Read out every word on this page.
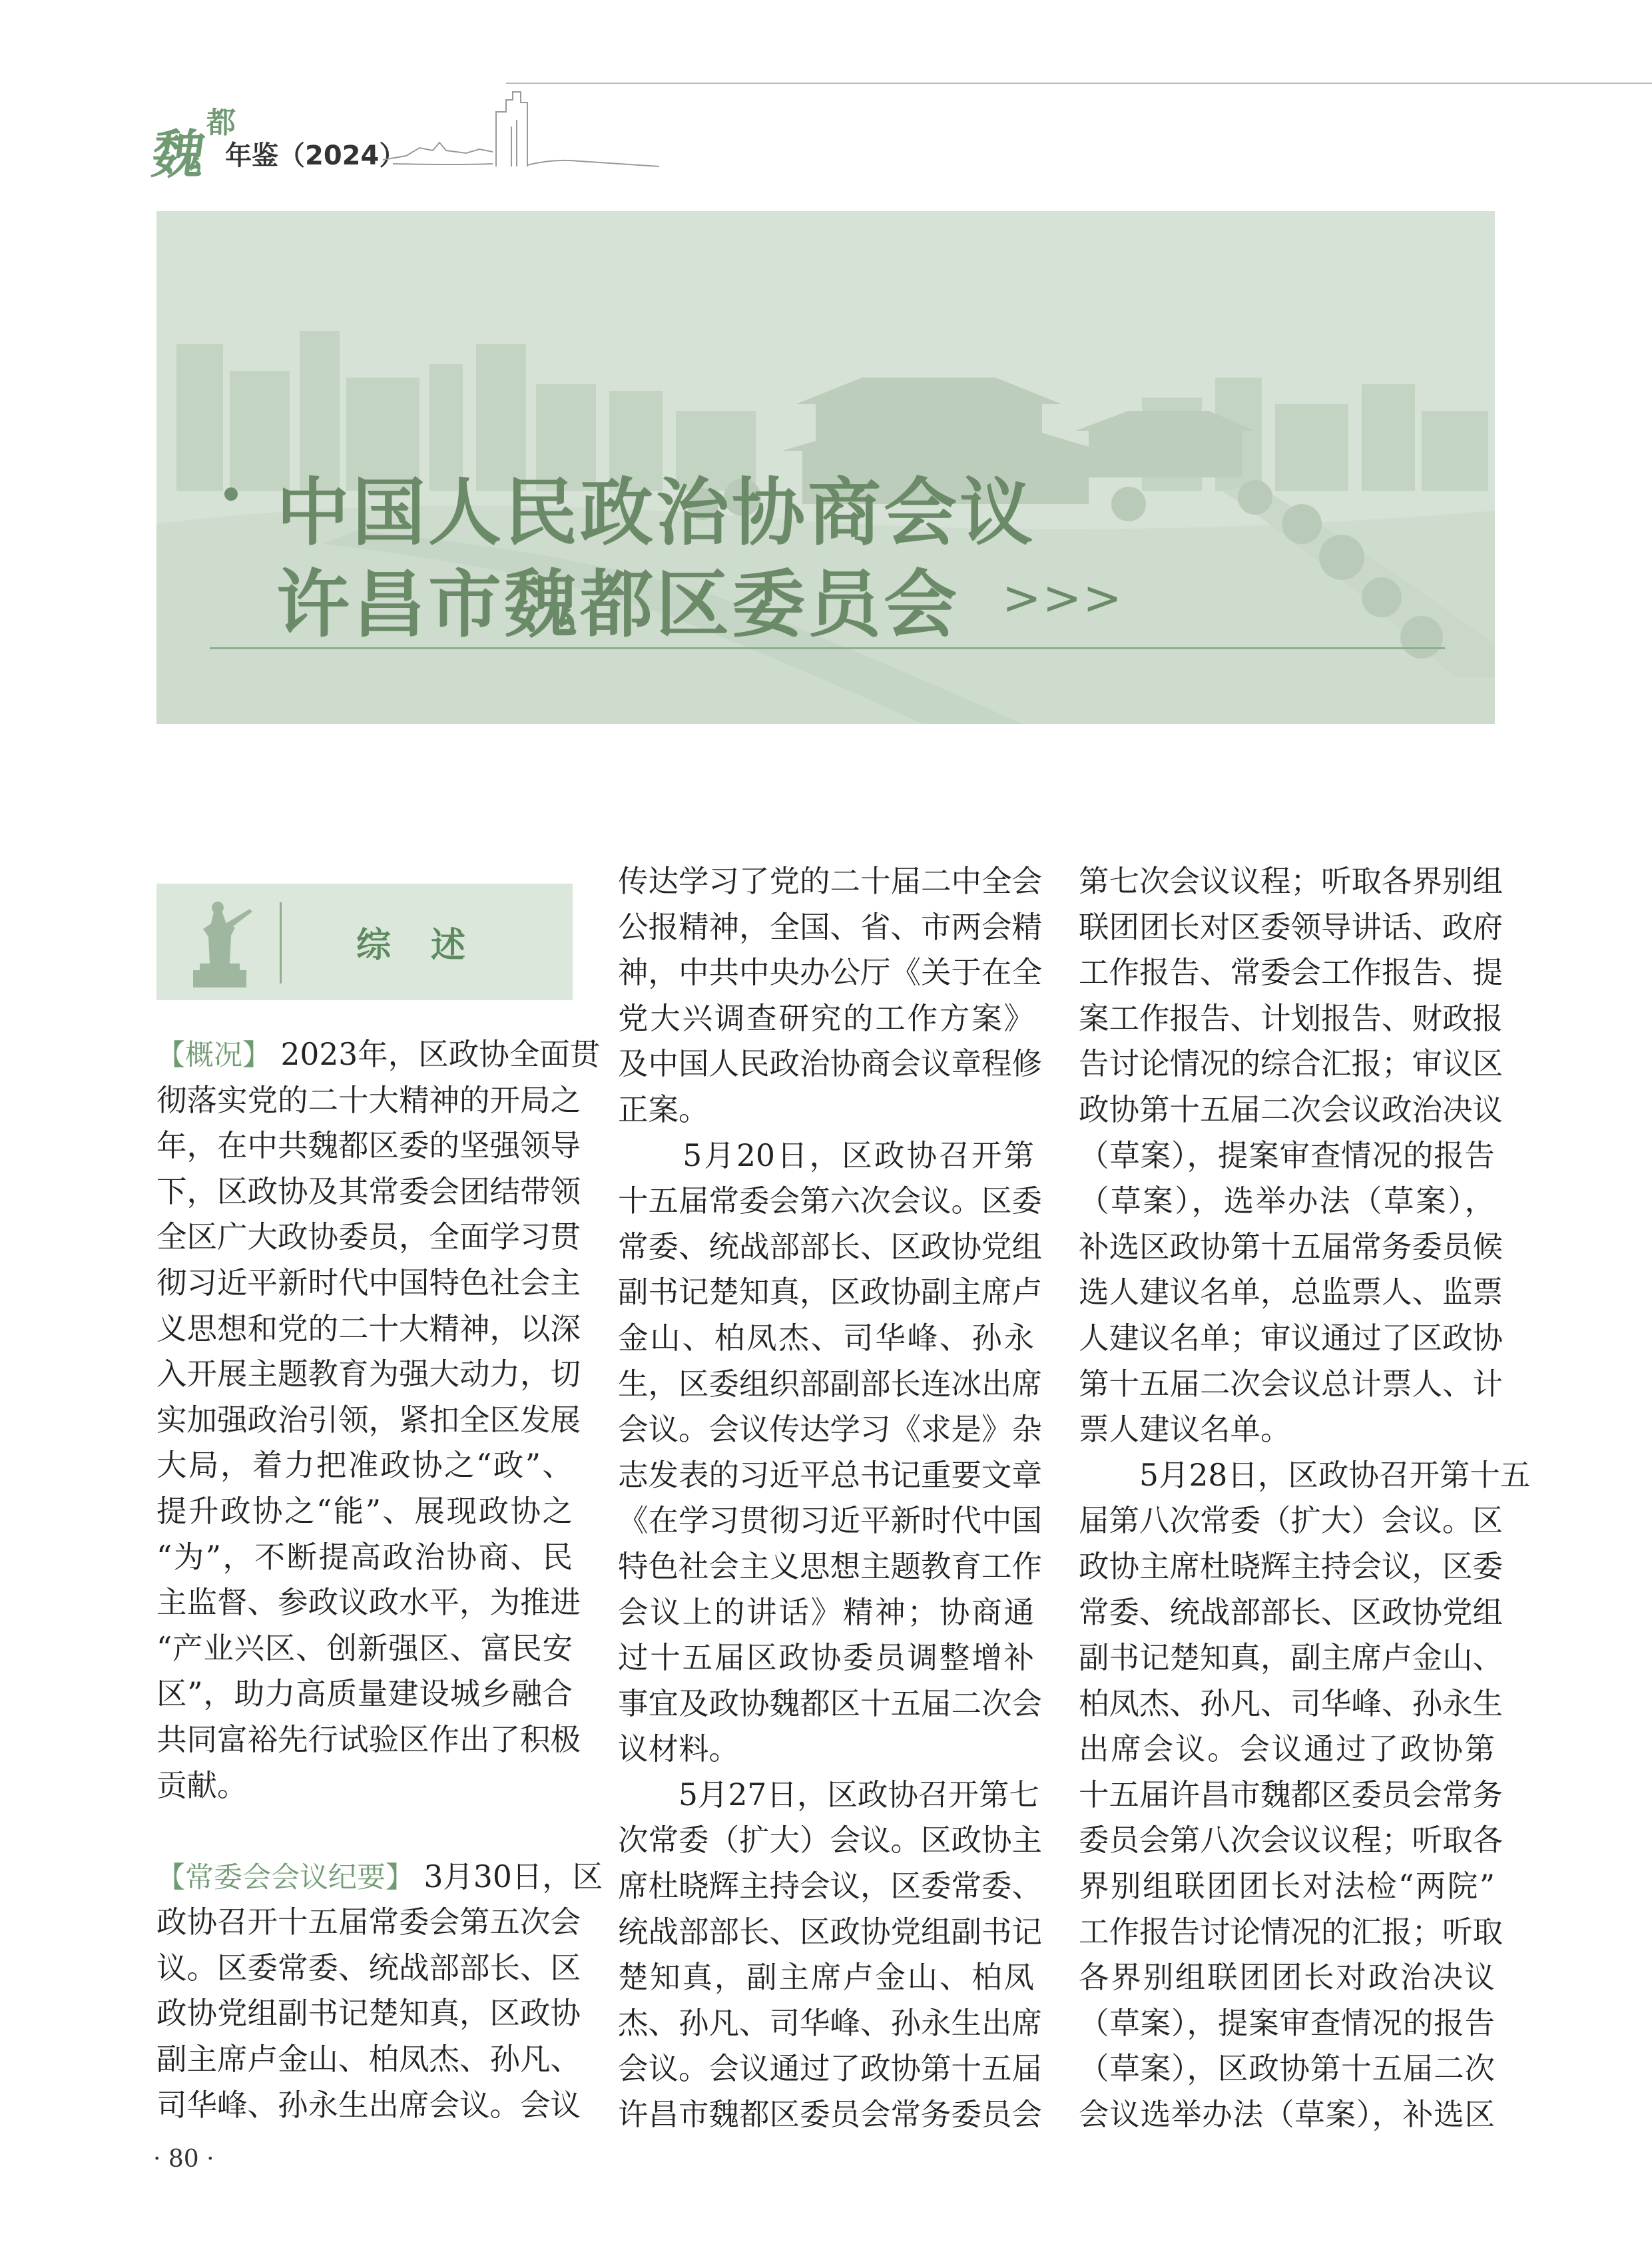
魏
都
年鉴（2024）
中国人民政治协商会议
许昌市魏都区委员会 >>>
综述
【概况】 2023年，区政协全面贯
彻落实党的二十大精神的开局之
年，在中共魏都区委的坚强领导
下，区政协及其常委会团结带领
全区广大政协委员，全面学习贯
彻习近平新时代中国特色社会主
义思想和党的二十大精神，以深
入开展主题教育为强大动力，切
实加强政治引领，紧扣全区发展
大局，着力把准政协之“政”、
提升政协之“能”、展现政协之
“为”，不断提高政治协商、民
主监督、参政议政水平，为推进
“产业兴区、创新强区、富民安
区”，助力高质量建设城乡融合
共同富裕先行试验区作出了积极
贡献。
【常委会会议纪要】 3月30日，区
政协召开十五届常委会第五次会
议。区委常委、统战部部长、区
政协党组副书记楚知真，区政协
副主席卢金山、柏凤杰、孙凡、
司华峰、孙永生出席会议。会议
传达学习了党的二十届二中全会
公报精神，全国、省、市两会精
神，中共中央办公厅《关于在全
党大兴调查研究的工作方案》
及中国人民政治协商会议章程修
正案。
　　5月20日，区政协召开第
十五届常委会第六次会议。区委
常委、统战部部长、区政协党组
副书记楚知真，区政协副主席卢
金山、柏凤杰、司华峰、孙永
生，区委组织部副部长连冰出席
会议。会议传达学习《求是》杂
志发表的习近平总书记重要文章
《在学习贯彻习近平新时代中国
特色社会主义思想主题教育工作
会议上的讲话》精神；协商通
过十五届区政协委员调整增补
事宜及政协魏都区十五届二次会
议材料。
　　5月27日，区政协召开第七
次常委（扩大）会议。区政协主
席杜晓辉主持会议，区委常委、
统战部部长、区政协党组副书记
楚知真，副主席卢金山、柏凤
杰、孙凡、司华峰、孙永生出席
会议。会议通过了政协第十五届
许昌市魏都区委员会常务委员会
第七次会议议程；听取各界别组
联团团长对区委领导讲话、政府
工作报告、常委会工作报告、提
案工作报告、计划报告、财政报
告讨论情况的综合汇报；审议区
政协第十五届二次会议政治决议
（草案），提案审查情况的报告
（草案），选举办法（草案），
补选区政协第十五届常务委员候
选人建议名单，总监票人、监票
人建议名单；审议通过了区政协
第十五届二次会议总计票人、计
票人建议名单。
　　5月28日，区政协召开第十五
届第八次常委（扩大）会议。区
政协主席杜晓辉主持会议，区委
常委、统战部部长、区政协党组
副书记楚知真，副主席卢金山、
柏凤杰、孙凡、司华峰、孙永生
出席会议。会议通过了政协第
十五届许昌市魏都区委员会常务
委员会第八次会议议程；听取各
界别组联团团长对法检“两院”
工作报告讨论情况的汇报；听取
各界别组联团团长对政治决议
（草案），提案审查情况的报告
（草案），区政协第十五届二次
会议选举办法（草案），补选区
· 80 ·
